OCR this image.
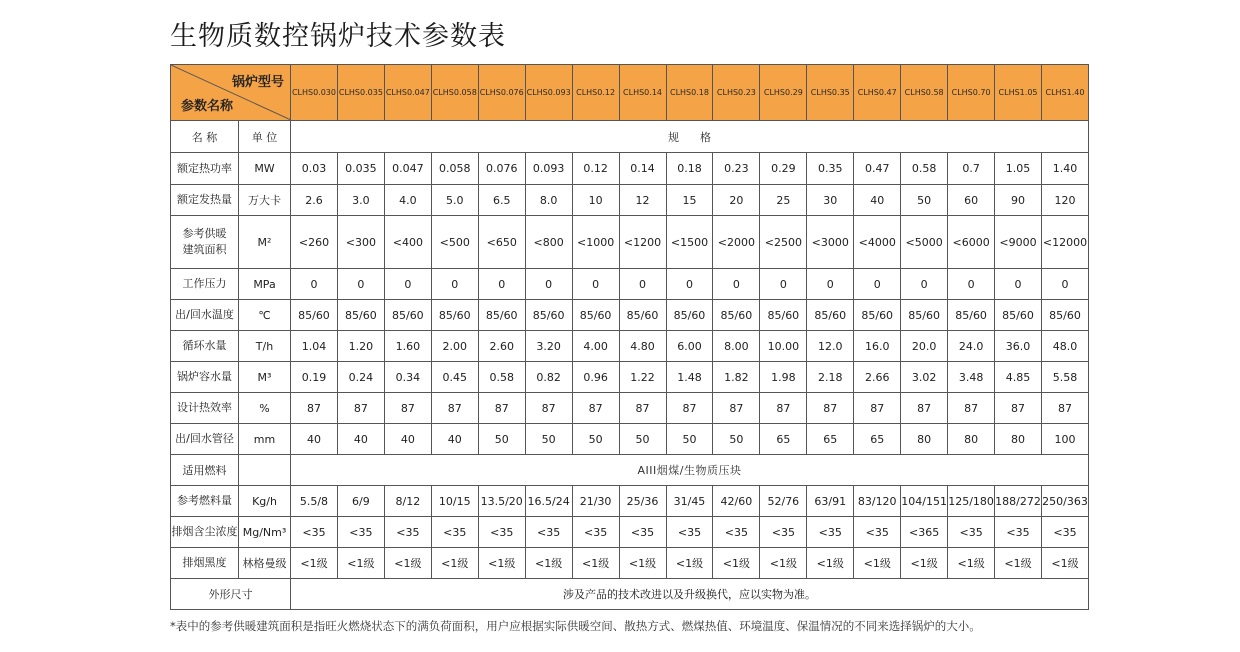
生物质数控锅炉技术参数表
锅炉型号
参数名称		CLHS0.030	CLHS0.035	CLHS0.047	CLHS0.058	CLHS0.076	CLHS0.093	CLHS0.12	CLHS0.14	CLHS0.18	CLHS0.23	CLHS0.29	CLHS0.35	CLHS0.47	CLHS0.58	CLHS0.70	CLHS1.05	CLHS1.40
名 称	单 位	规      格																
额定热功率	MW	0.03	0.035	0.047	0.058	0.076	0.093	0.12	0.14	0.18	0.23	0.29	0.35	0.47	0.58	0.7	1.05	1.40
额定发热量	万大卡	2.6	3.0	4.0	5.0	6.5	8.0	10	12	15	20	25	30	40	50	60	90	120
参考供暖
建筑面积	M²	<260	<300	<400	<500	<650	<800	<1000	<1200	<1500	<2000	<2500	<3000	<4000	<5000	<6000	<9000	<12000
工作压力	MPa	0	0	0	0	0	0	0	0	0	0	0	0	0	0	0	0	0
出/回水温度	℃	85/60	85/60	85/60	85/60	85/60	85/60	85/60	85/60	85/60	85/60	85/60	85/60	85/60	85/60	85/60	85/60	85/60
循环水量	T/h	1.04	1.20	1.60	2.00	2.60	3.20	4.00	4.80	6.00	8.00	10.00	12.0	16.0	20.0	24.0	36.0	48.0
锅炉容水量	M³	0.19	0.24	0.34	0.45	0.58	0.82	0.96	1.22	1.48	1.82	1.98	2.18	2.66	3.02	3.48	4.85	5.58
设计热效率	%	87	87	87	87	87	87	87	87	87	87	87	87	87	87	87	87	87
出/回水管径	mm	40	40	40	40	50	50	50	50	50	50	65	65	65	80	80	80	100
适用燃料		AIII烟煤/生物质压块																
参考燃料量	Kg/h	5.5/8	6/9	8/12	10/15	13.5/20	16.5/24	21/30	25/36	31/45	42/60	52/76	63/91	83/120	104/151	125/180	188/272	250/363
排烟含尘浓度	Mg/Nm³	<35	<35	<35	<35	<35	<35	<35	<35	<35	<35	<35	<35	<35	<365	<35	<35	<35
排烟黑度	林格曼级	<1级	<1级	<1级	<1级	<1级	<1级	<1级	<1级	<1级	<1级	<1级	<1级	<1级	<1级	<1级	<1级	<1级
外形尺寸		涉及产品的技术改进以及升级换代，应以实物为准。																
*表中的参考供暖建筑面积是指旺火燃烧状态下的满负荷面积，用户应根据实际供暖空间、散热方式、燃煤热值、环境温度、保温情况的不同来选择锅炉的大小。
